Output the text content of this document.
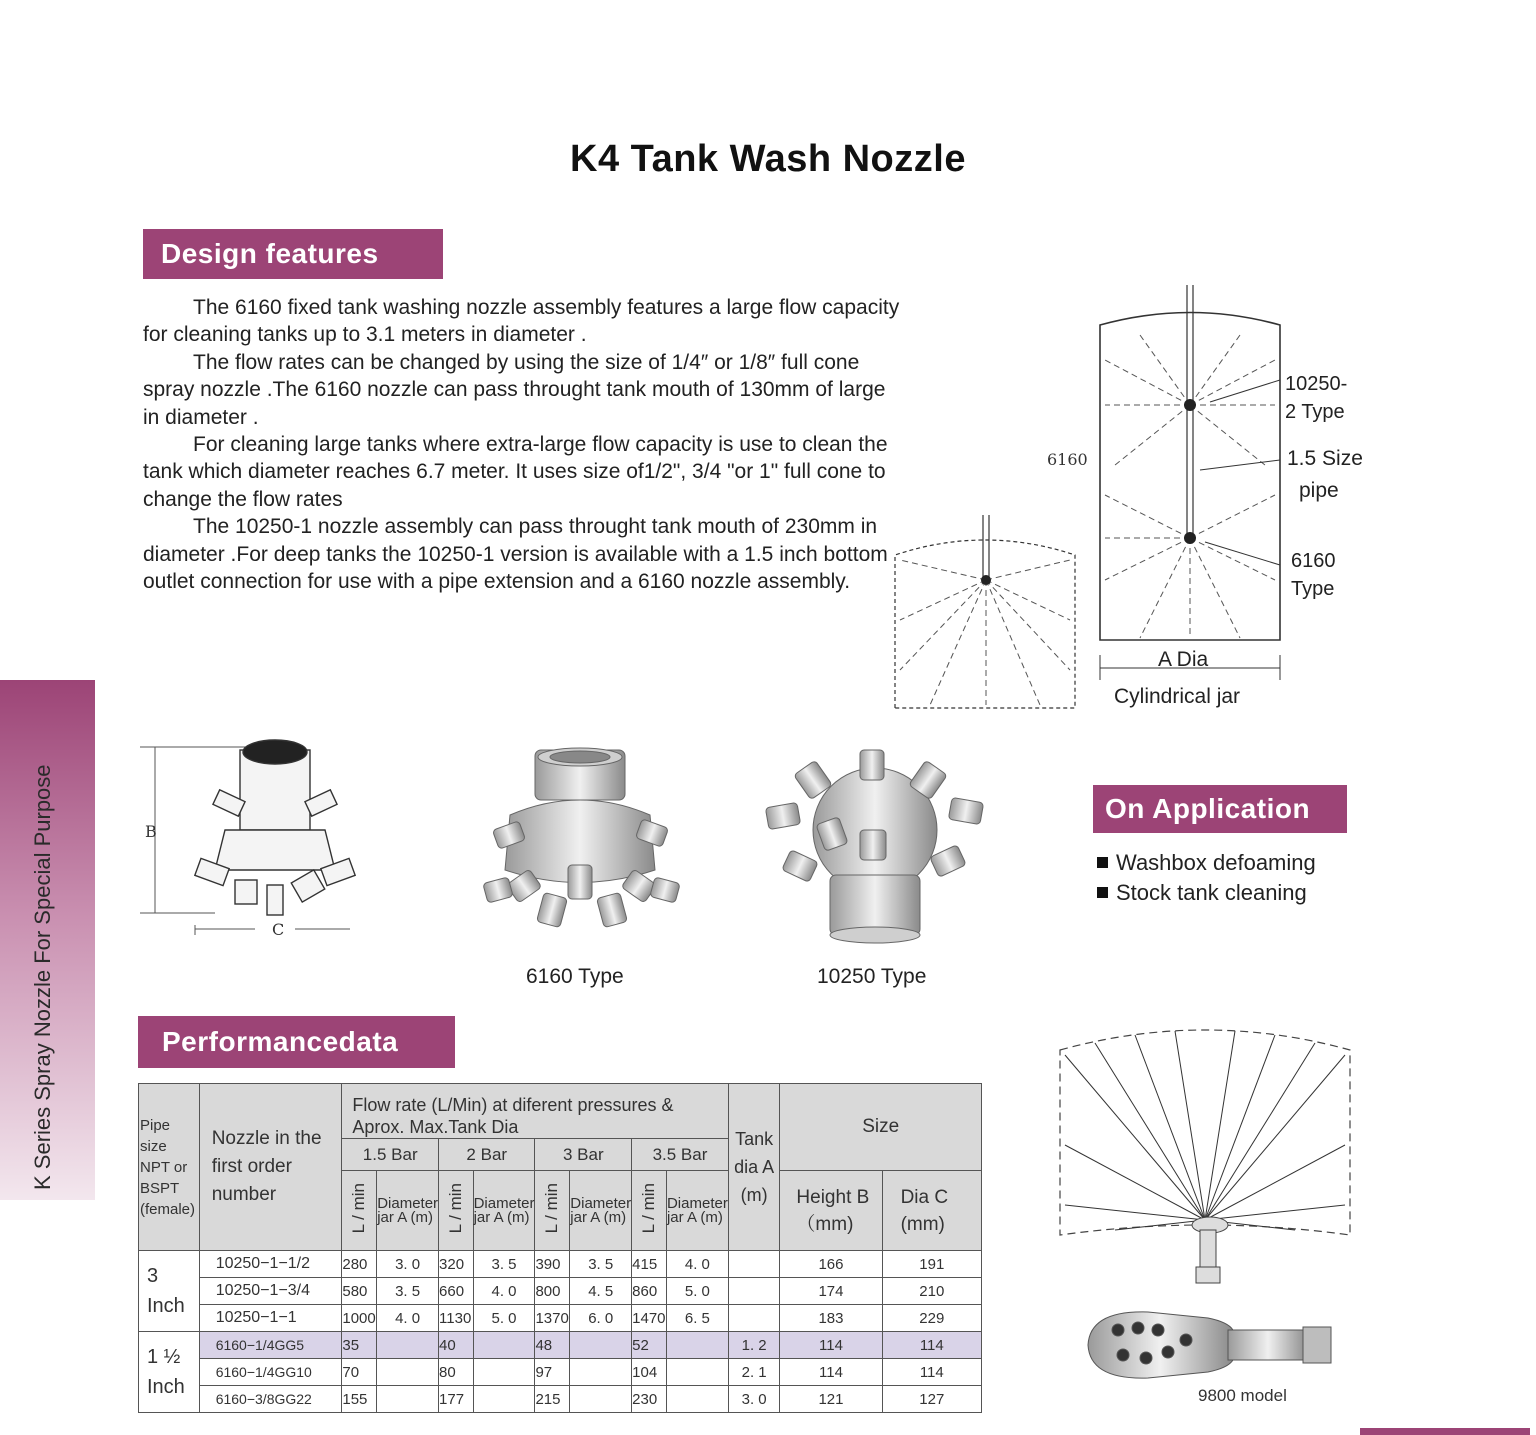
K4 Tank Wash Nozzle
K Series Spray Nozzle For Special Purpose
Design features

The 6160 fixed tank washing nozzle assembly features a large flow capacity for cleaning tanks up to 3.1 meters in diameter .

The flow rates can be changed by using the size of 1/4″ or 1/8″ full cone spray nozzle .The 6160 nozzle can pass throught tank mouth of 130mm of large in diameter .

For cleaning large tanks where extra-large flow capacity is use to clean the tank which diameter reaches 6.7 meter. It uses size of1/2", 3/4 "or 1" full cone to change the flow rates

The 10250-1 nozzle assembly can pass throught tank mouth of 230mm in diameter .For deep tanks the 10250-1 version is available with a 1.5 inch bottom outlet connection for use with a pipe extension and a 6160 nozzle assembly.

6160
10250-
2 Type
1.5 Size
pipe
6160
Type
A Dia
Cylindrical jar
B
C
6160 Type	10250 Type
On Application
Washbox defoaming
Stock tank cleaning
9800 model
Performancedata
Pipe size NPT or BSPT (female)	Nozzle in the first order number	Flow rate (L/Min) at diferent pressures & Aprox. Max.Tank Dia								Tank dia A (m)	Size	
		1.5 Bar		2 Bar		3 Bar		3.5 Bar				
		L / min	Diameter jar A (m)	L / min	Diameter jar A (m)	L / min	Diameter jar A (m)	L / min	Diameter jar A (m)		Height B（mm)	Dia C (mm)
3 Inch	10250−1−1/2	280	3. 0	320	3. 5	390	3. 5	415	4. 0		166	191
	10250−1−3/4	580	3. 5	660	4. 0	800	4. 5	860	5. 0		174	210
	10250−1−1	1000	4. 0	1130	5. 0	1370	6. 0	1470	6. 5		183	229
1 ½ Inch	6160−1/4GG5	35		40		48		52		1. 2	114	114
	6160−1/4GG10	70		80		97		104		2. 1	114	114
	6160−3/8GG22	155		177		215		230		3. 0	121	127
